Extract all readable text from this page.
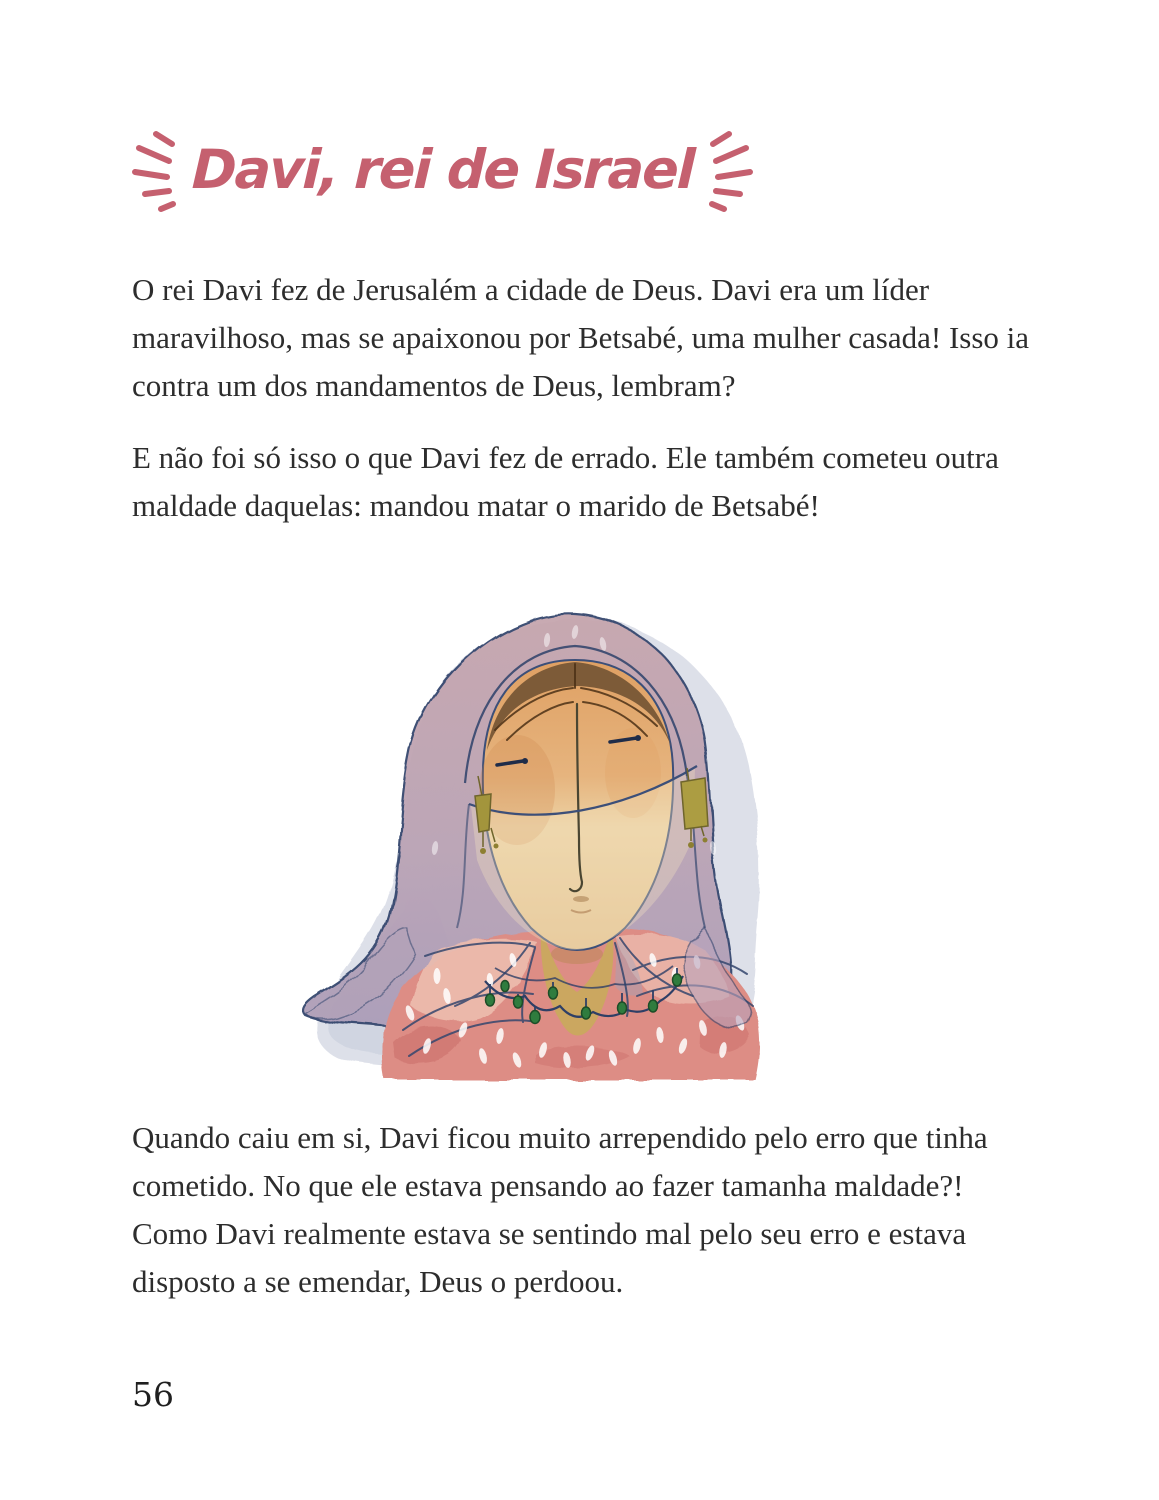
Davi, rei de Israel

O rei Davi fez de Jerusalém a cidade de Deus. Davi era um líder maravilhoso, mas se apaixonou por Betsabé, uma mulher casada! Isso ia contra um dos mandamentos de Deus, lembram?

E não foi só isso o que Davi fez de errado. Ele também cometeu outra maldade daquelas: mandou matar o marido de Betsabé!

Quando caiu em si, Davi ficou muito arrependido pelo erro que tinha cometido. No que ele estava pensando ao fazer tamanha maldade?! Como Davi realmente estava se sentindo mal pelo seu erro e estava disposto a se emendar, Deus o perdoou.

56
